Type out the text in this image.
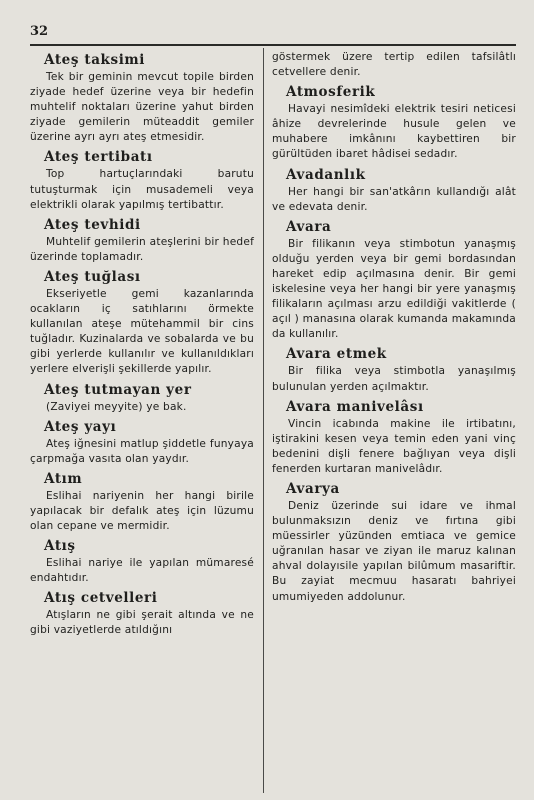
32
Ateş taksimi

Tek bir geminin mevcut topile birden ziyade hedef üzerine veya bir hedefin muhtelif noktaları üzerine yahut birden ziyade gemilerin müteaddit gemiler üzerine ayrı ayrı ateş etmesidir.

Ateş tertibatı

Top hartuçlarındaki barutu tutuşturmak için musademeli veya elektrikli olarak yapılmış tertibattır.

Ateş tevhidi

Muhtelif gemilerin ateşlerini bir hedef üzerinde toplamadır.

Ateş tuğlası

Ekseriyetle gemi kazanlarında ocakların iç satıhlarını örmekte kullanılan ateşe mütehammil bir cins tuğladır. Kuzinalarda ve sobalarda ve bu gibi yerlerde kullanılır ve kullanıldıkları yerlere elverişli şekillerde yapılır.

Ateş tutmayan yer

(Zaviyei meyyite) ye bak.

Ateş yayı

Ateş iğnesini matlup şiddetle funyaya çarpmağa vasıta olan yaydır.

Atım

Eslihai nariyenin her hangi birile yapılacak bir defalık ateş için lüzumu olan cepane ve mermidir.

Atış

Eslihai nariye ile yapılan mümaresé endahtıdır.

Atış cetvelleri

Atışların ne gibi şerait altında ve ne gibi vaziyetlerde atıldığını

göstermek üzere tertip edilen tafsilâtlı cetvellere denir.

Atmosferik

Havayi nesimîdeki elektrik tesiri neticesi âhize devrelerinde husule gelen ve muhabere imkânını kaybettiren bir gürültüden ibaret hâdisei sedadır.

Avadanlık

Her hangi bir san'atkârın kullandığı alât ve edevata denir.

Avara

Bir filikanın veya stimbotun yanaşmış olduğu yerden veya bir gemi bordasından hareket edip açılmasına denir. Bir gemi iskelesine veya her hangi bir yere yanaşmış filikaların açılması arzu edildiği vakitlerde ( açıl ) manasına olarak kumanda makamında da kullanılır.

Avara etmek

Bir filika veya stimbotla yanaşılmış bulunulan yerden açılmaktır.

Avara manivelâsı

Vincin icabında makine ile irtibatını, iştirakini kesen veya temin eden yani vinç bedenini dişli fenere bağlıyan veya dişli fenerden kurtaran manivelâdır.

Avarya

Deniz üzerinde sui idare ve ihmal bulunmaksızın deniz ve fırtına gibi müessirler yüzünden emtiaca ve gemice uğranılan hasar ve ziyan ile maruz kalınan ahval dolayısile yapılan bilûmum masariftir. Bu zayiat mecmuu hasaratı bahriyei umumiyeden addolunur.
